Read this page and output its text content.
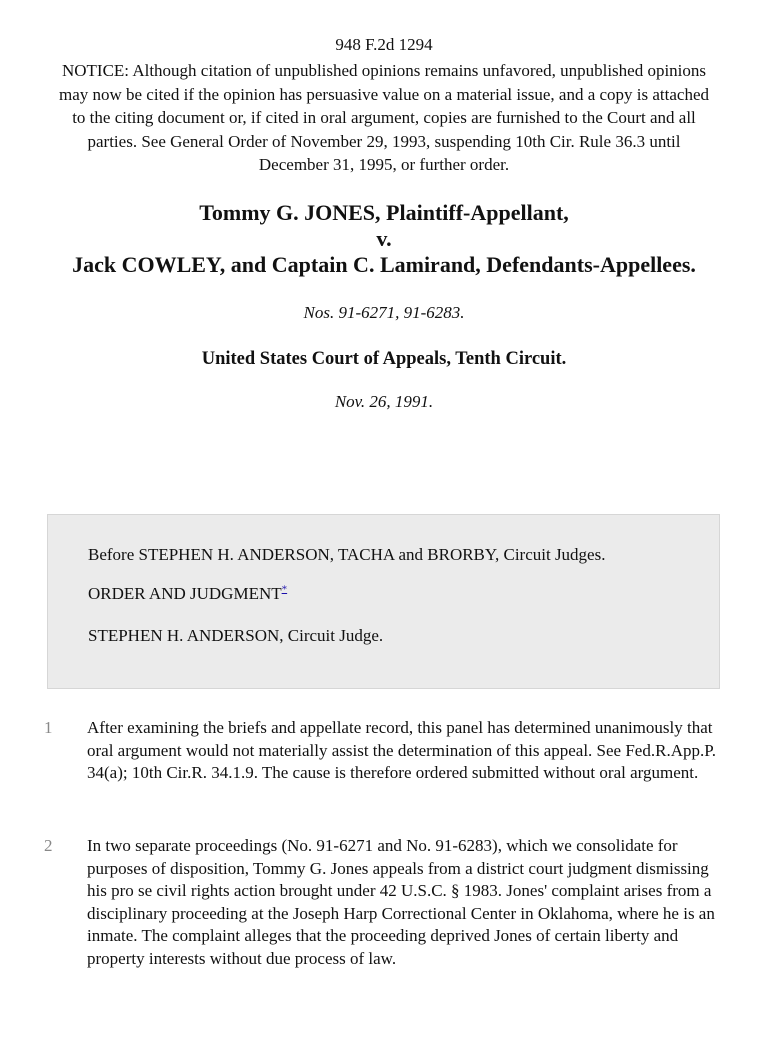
948 F.2d 1294
NOTICE: Although citation of unpublished opinions remains unfavored, unpublished opinions may now be cited if the opinion has persuasive value on a material issue, and a copy is attached to the citing document or, if cited in oral argument, copies are furnished to the Court and all parties. See General Order of November 29, 1993, suspending 10th Cir. Rule 36.3 until December 31, 1995, or further order.
Tommy G. JONES, Plaintiff-Appellant,
v.
Jack COWLEY, and Captain C. Lamirand, Defendants-Appellees.
Nos. 91-6271, 91-6283.
United States Court of Appeals, Tenth Circuit.
Nov. 26, 1991.

Before STEPHEN H. ANDERSON, TACHA and BRORBY, Circuit Judges.

ORDER AND JUDGMENT*

STEPHEN H. ANDERSON, Circuit Judge.

1	After examining the briefs and appellate record, this panel has determined unanimously that oral argument would not materially assist the determination of this appeal. See Fed.R.App.P. 34(a); 10th Cir.R. 34.1.9. The cause is therefore ordered submitted without oral argument.
2	In two separate proceedings (No. 91-6271 and No. 91-6283), which we consolidate for purposes of disposition, Tommy G. Jones appeals from a district court judgment dismissing his pro se civil rights action brought under 42 U.S.C. § 1983. Jones' complaint arises from a disciplinary proceeding at the Joseph Harp Correctional Center in Oklahoma, where he is an inmate. The complaint alleges that the proceeding deprived Jones of certain liberty and property interests without due process of law.
